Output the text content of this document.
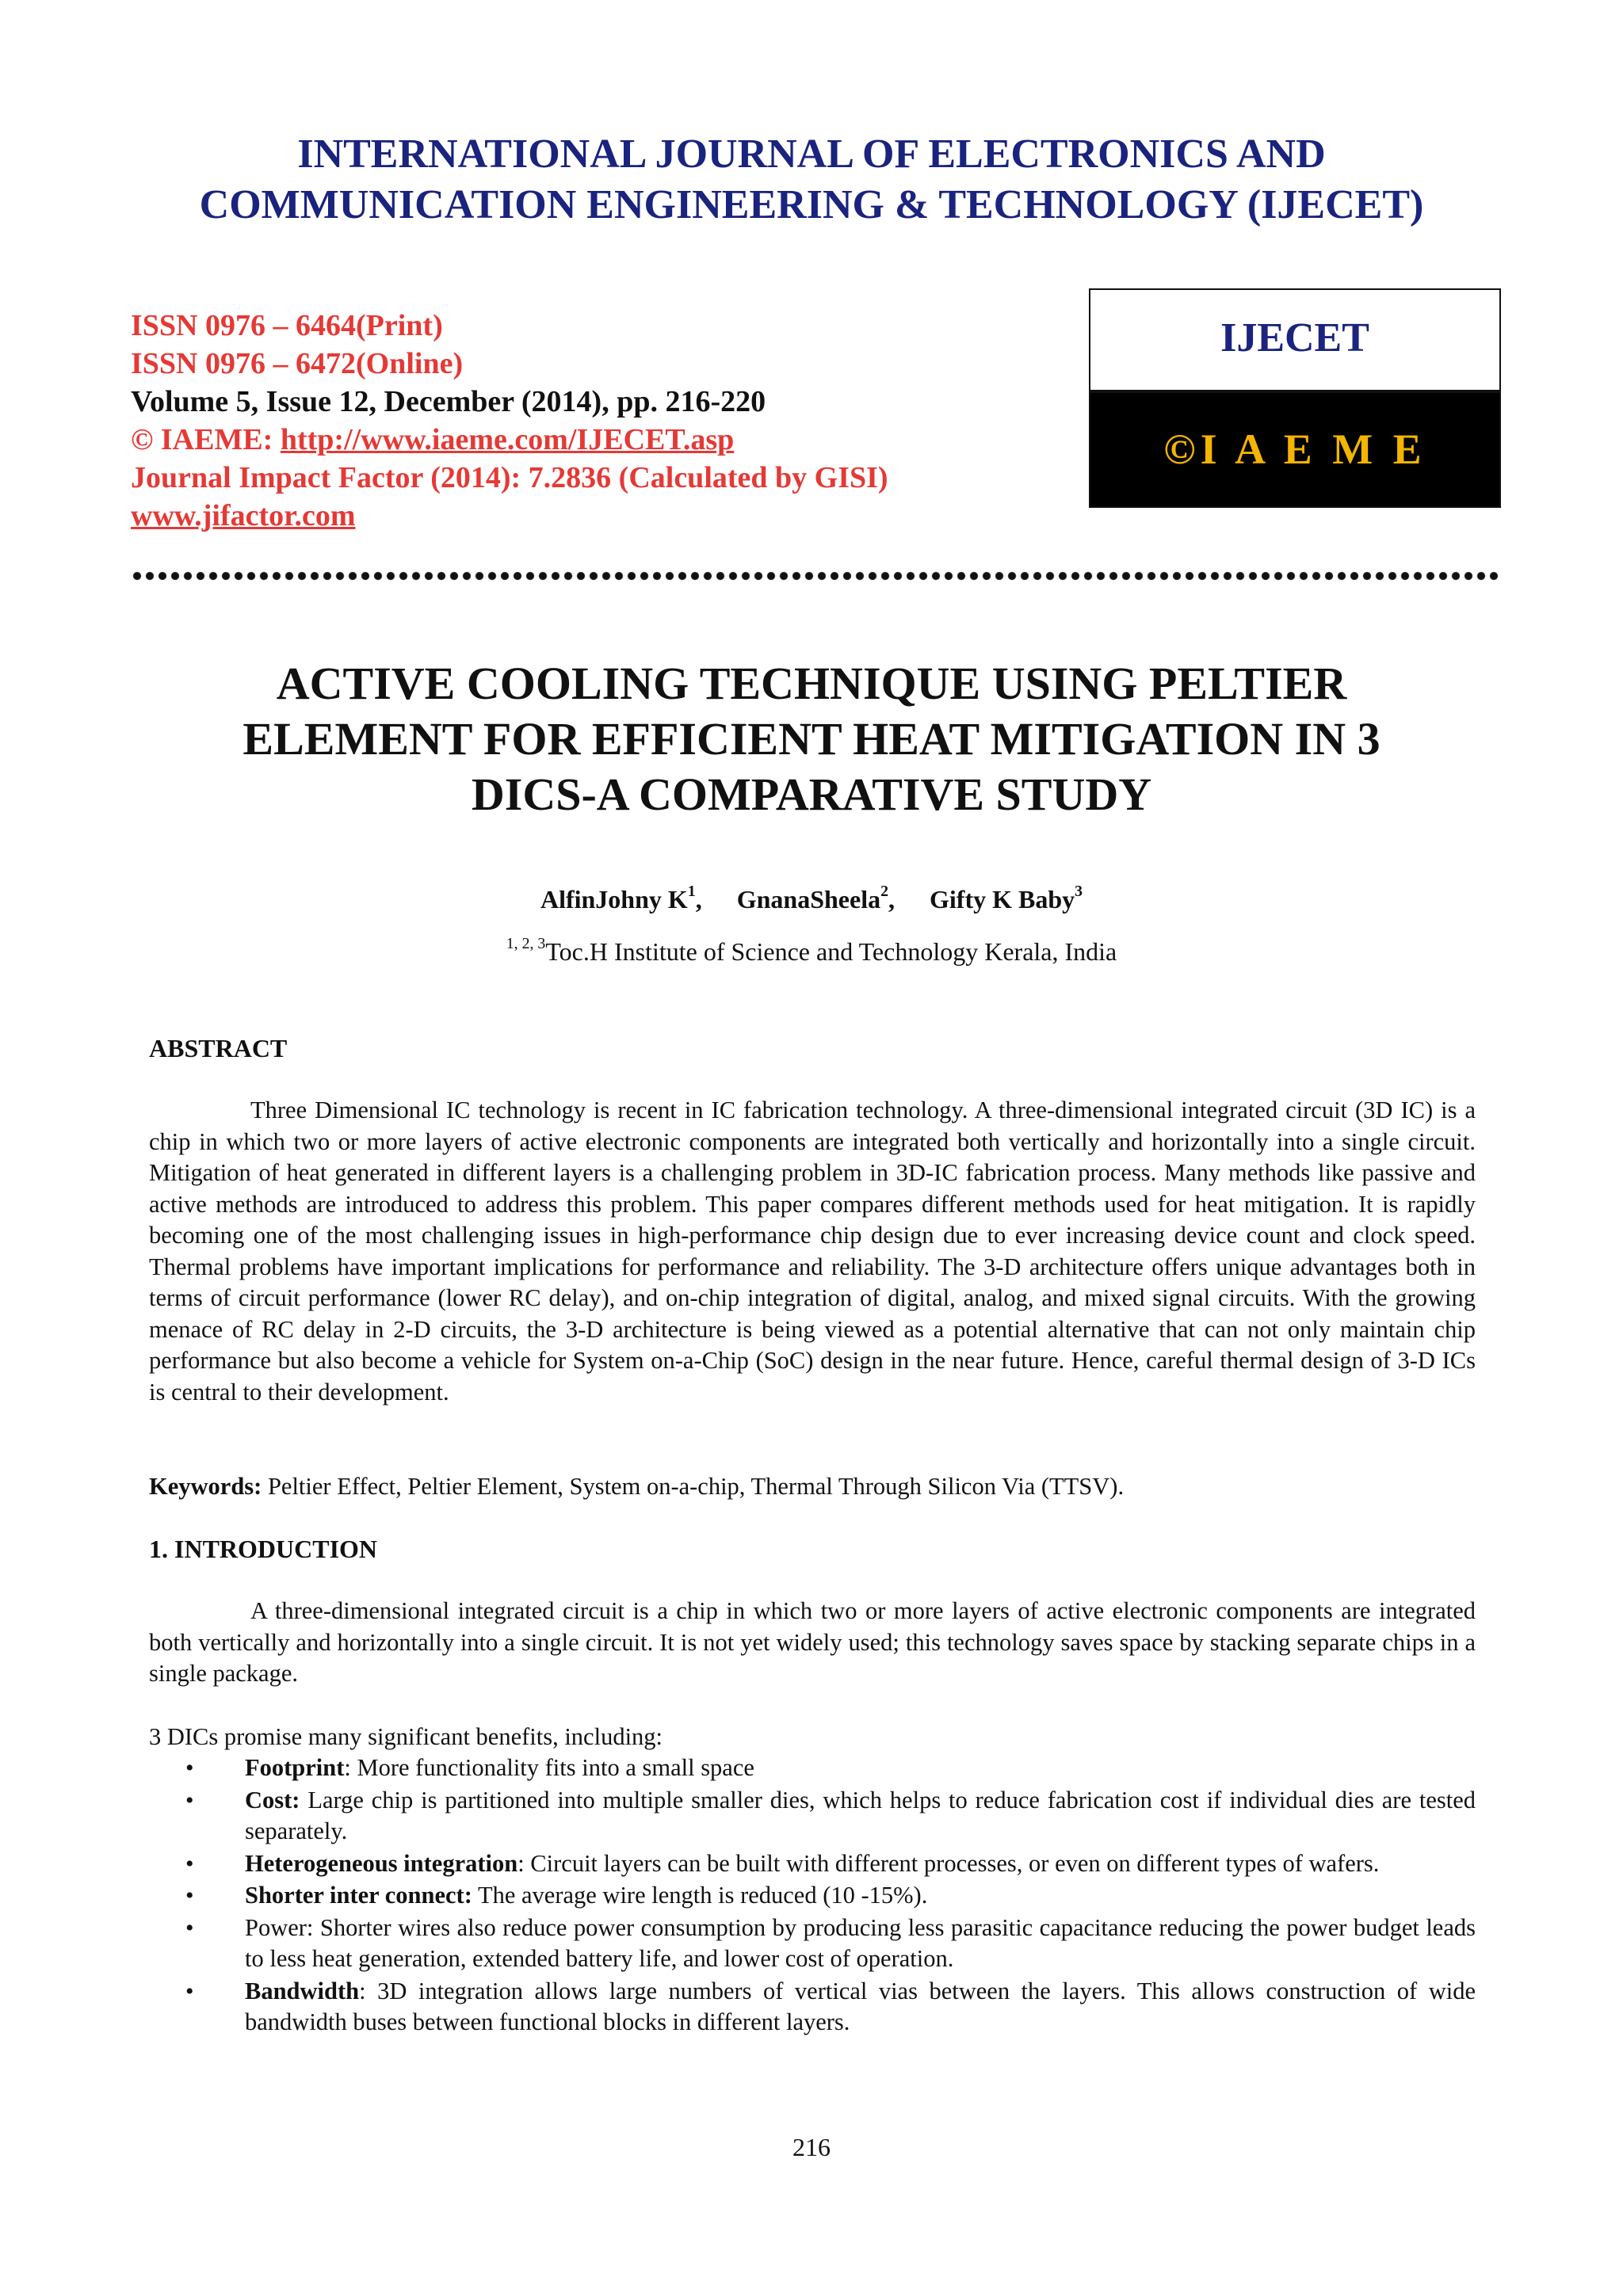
INTERNATIONAL JOURNAL OF ELECTRONICS AND
COMMUNICATION ENGINEERING & TECHNOLOGY (IJECET)
ISSN 0976 – 6464(Print)
ISSN 0976 – 6472(Online)
Volume 5, Issue 12, December (2014), pp. 216-220
© IAEME: http://www.iaeme.com/IJECET.asp
Journal Impact Factor (2014): 7.2836 (Calculated by GISI)
www.jifactor.com
IJECET
©I A E M E
ACTIVE COOLING TECHNIQUE USING PELTIER
ELEMENT FOR EFFICIENT HEAT MITIGATION IN 3
DICS-A COMPARATIVE STUDY
AlfinJohny $K^1$, GnanaSheela$^2$, Gifty K Baby$^3$
$^{1, 2, 3}$Toc.H Institute of Science and Technology Kerala, India
ABSTRACT
Three Dimensional IC technology is recent in IC fabrication technology. A three-dimensional integrated circuit (3D IC) is a chip in which two or more layers of active electronic components are integrated both vertically and horizontally into a single circuit. Mitigation of heat generated in different layers is a challenging problem in 3D-IC fabrication process. Many methods like passive and active methods are introduced to address this problem. This paper compares different methods used for heat mitigation. It is rapidly becoming one of the most challenging issues in high-performance chip design due to ever increasing device count and clock speed. Thermal problems have important implications for performance and reliability. The 3-D architecture offers unique advantages both in terms of circuit performance (lower RC delay), and on-chip integration of digital, analog, and mixed signal circuits. With the growing menace of RC delay in 2-D circuits, the 3-D architecture is being viewed as a potential alternative that can not only maintain chip performance but also become a vehicle for System on-a-Chip (SoC) design in the near future. Hence, careful thermal design of 3-D ICs is central to their development.
Keywords: Peltier Effect, Peltier Element, System on-a-chip, Thermal Through Silicon Via (TTSV).
1. INTRODUCTION
A three-dimensional integrated circuit is a chip in which two or more layers of active electronic components are integrated both vertically and horizontally into a single circuit. It is not yet widely used; this technology saves space by stacking separate chips in a single package.
3 DICs promise many significant benefits, including:
• Footprint: More functionality fits into a small space
• Cost: Large chip is partitioned into multiple smaller dies, which helps to reduce fabrication cost if individual dies are tested separately.
• Heterogeneous integration: Circuit layers can be built with different processes, or even on different types of wafers.
• Shorter inter connect: The average wire length is reduced (10 -15%).
• Power: Shorter wires also reduce power consumption by producing less parasitic capacitance reducing the power budget leads to less heat generation, extended battery life, and lower cost of operation.
• Bandwidth: 3D integration allows large numbers of vertical vias between the layers. This allows construction of wide bandwidth buses between functional blocks in different layers.
216
